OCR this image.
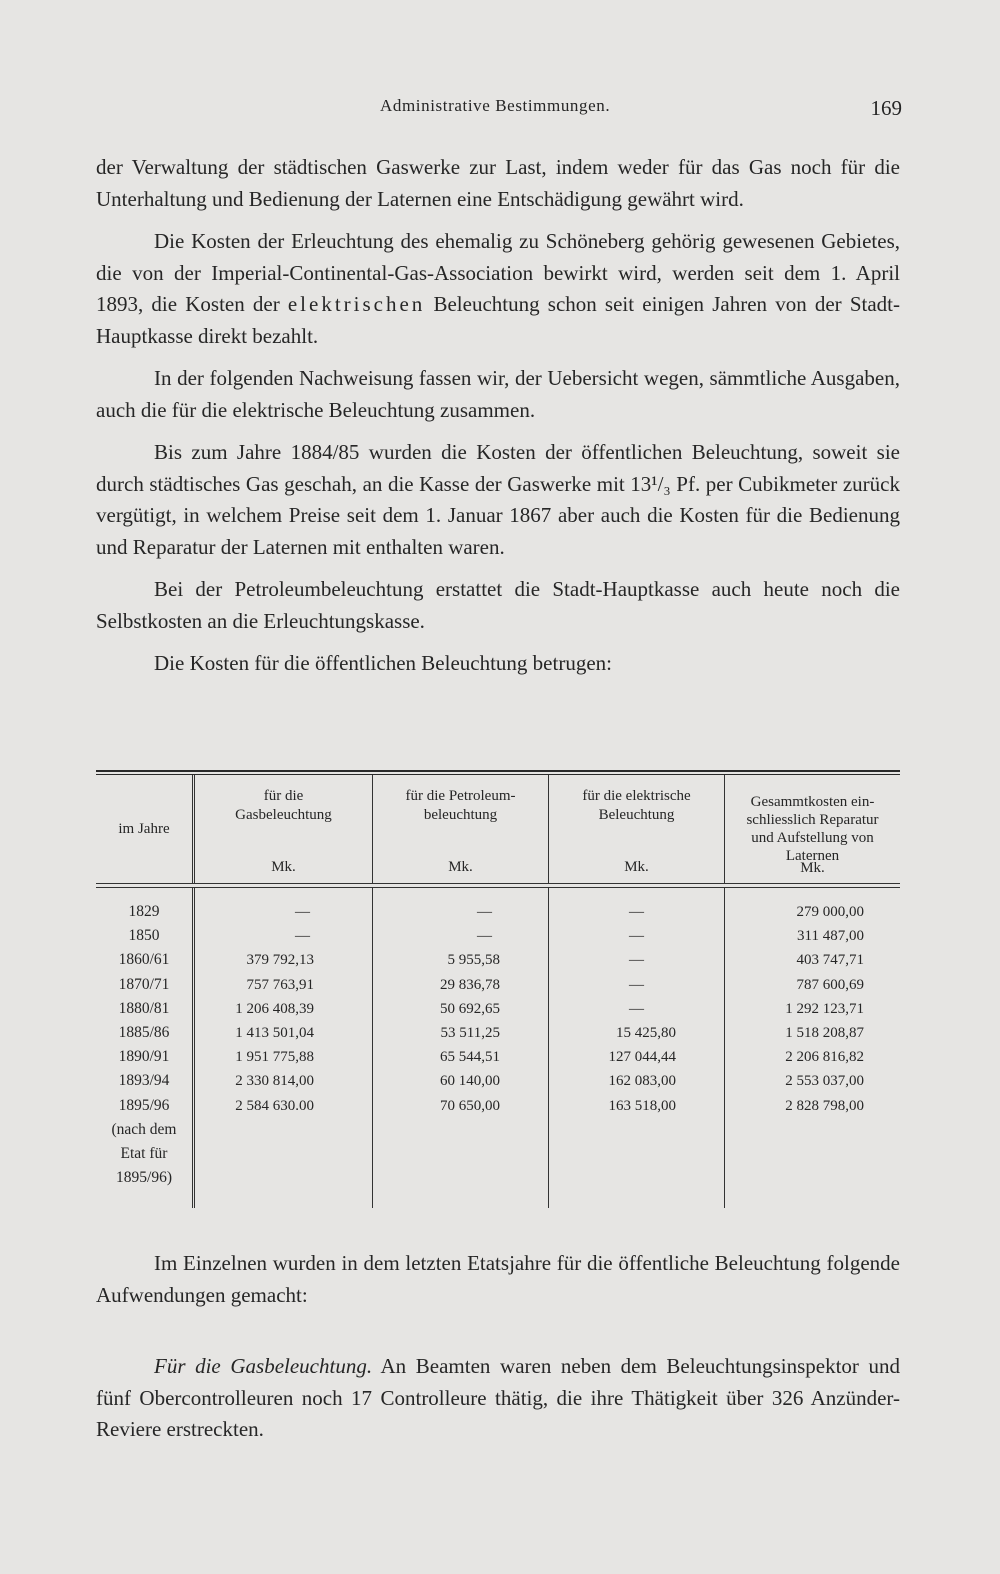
Administrative Bestimmungen.	169

der Verwaltung der städtischen Gaswerke zur Last, indem weder für das Gas noch für die Unterhaltung und Bedienung der Laternen eine Entschädigung gewährt wird.

Die Kosten der Erleuchtung des ehemalig zu Schöneberg gehörig gewesenen Gebietes, die von der Imperial-Continental-Gas-Association bewirkt wird, werden seit dem 1. April 1893, die Kosten der elektrischen Beleuchtung schon seit einigen Jahren von der Stadt-Hauptkasse direkt bezahlt.

In der folgenden Nachweisung fassen wir, der Uebersicht wegen, sämmtliche Ausgaben, auch die für die elektrische Beleuchtung zusammen.

Bis zum Jahre 1884/85 wurden die Kosten der öffentlichen Beleuchtung, soweit sie durch städtisches Gas geschah, an die Kasse der Gaswerke mit 13¹/₃ Pf. per Cubikmeter zurück vergütigt, in welchem Preise seit dem 1. Januar 1867 aber auch die Kosten für die Bedienung und Reparatur der Laternen mit enthalten waren.

Bei der Petroleumbeleuchtung erstattet die Stadt-Hauptkasse auch heute noch die Selbstkosten an die Erleuchtungskasse.

Die Kosten für die öffentlichen Beleuchtung betrugen:

im Jahre
für die
Gasbeleuchtung
Mk.
für die Petroleum-
beleuchtung
Mk.
für die elektrische
Beleuchtung
Mk.
Gesammtkosten ein-
schliesslich Reparatur
und Aufstellung von
Laternen
Mk.
1829
1850
1860/61
1870/71
1880/81
1885/86
1890/91
1893/94
1895/96
(nach dem
Etat für
1895/96)
—
—
379 792,13
757 763,91
1 206 408,39
1 413 501,04
1 951 775,88
2 330 814,00
2 584 630.00
—
—
5 955,58
29 836,78
50 692,65
53 511,25
65 544,51
60 140,00
70 650,00
—
—
—
—
—
15 425,80
127 044,44
162 083,00
163 518,00
279 000,00
311 487,00
403 747,71
787 600,69
1 292 123,71
1 518 208,87
2 206 816,82
2 553 037,00
2 828 798,00

Im Einzelnen wurden in dem letzten Etatsjahre für die öffentliche Beleuchtung folgende Aufwendungen gemacht:

Für die Gasbeleuchtung. An Beamten waren neben dem Beleuchtungsinspektor und fünf Obercontrolleuren noch 17 Controlleure thätig, die ihre Thätigkeit über 326 Anzünder-Reviere erstreckten.
